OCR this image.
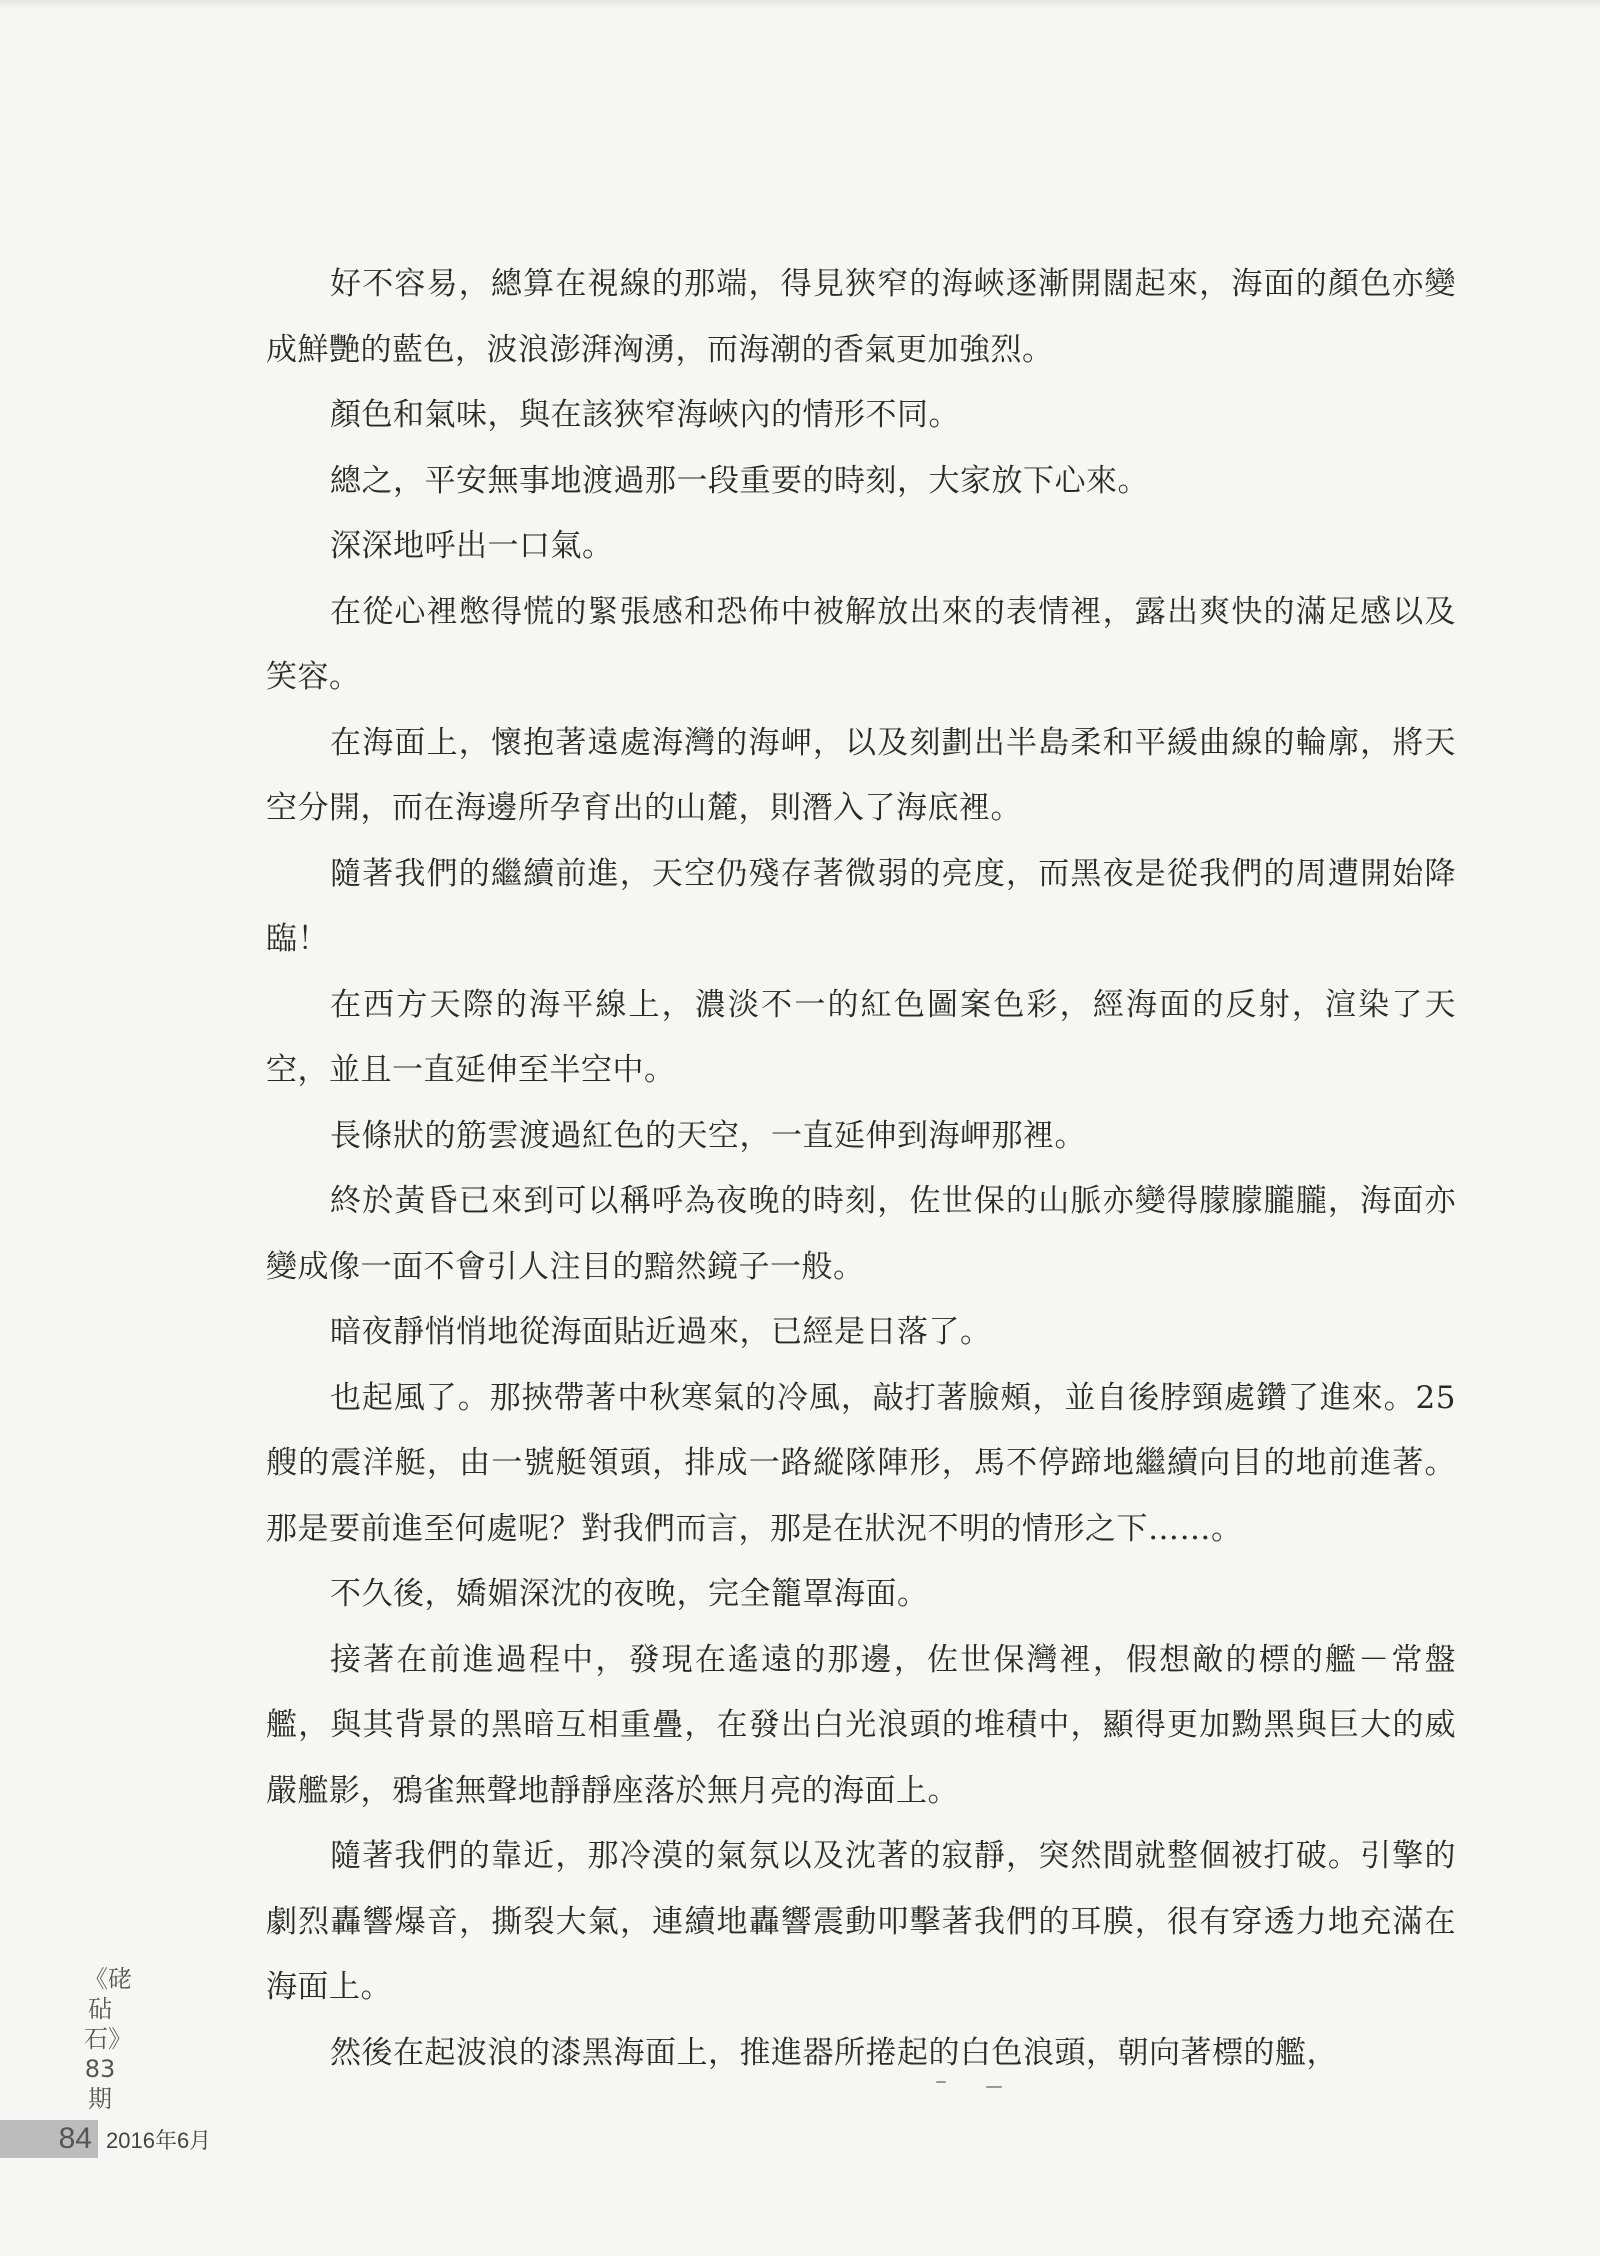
好不容易，總算在視線的那端，得見狹窄的海峽逐漸開闊起來，海面的顏色亦變成鮮艷的藍色，波浪澎湃洶湧，而海潮的香氣更加強烈。

顏色和氣味，與在該狹窄海峽內的情形不同。

總之，平安無事地渡過那一段重要的時刻，大家放下心來。

深深地呼出一口氣。

在從心裡憋得慌的緊張感和恐佈中被解放出來的表情裡，露出爽快的滿足感以及笑容。

在海面上，懷抱著遠處海灣的海岬，以及刻劃出半島柔和平緩曲線的輪廓，將天空分開，而在海邊所孕育出的山麓，則潛入了海底裡。

隨著我們的繼續前進，天空仍殘存著微弱的亮度，而黑夜是從我們的周遭開始降臨！

在西方天際的海平線上，濃淡不一的紅色圖案色彩，經海面的反射，渲染了天空，並且一直延伸至半空中。

長條狀的筋雲渡過紅色的天空，一直延伸到海岬那裡。

終於黃昏已來到可以稱呼為夜晚的時刻，佐世保的山脈亦變得朦朦朧朧，海面亦變成像一面不會引人注目的黯然鏡子一般。

暗夜靜悄悄地從海面貼近過來，已經是日落了。

也起風了。那挾帶著中秋寒氣的冷風，敲打著臉頰，並自後脖頸處鑽了進來。25艘的震洋艇，由一號艇領頭，排成一路縱隊陣形，馬不停蹄地繼續向目的地前進著。那是要前進至何處呢？對我們而言，那是在狀況不明的情形之下……。

不久後，嬌媚深沈的夜晚，完全籠罩海面。

接著在前進過程中，發現在遙遠的那邊，佐世保灣裡，假想敵的標的艦－常盤艦，與其背景的黑暗互相重疊，在發出白光浪頭的堆積中，顯得更加黝黑與巨大的威嚴艦影，鴉雀無聲地靜靜座落於無月亮的海面上。

隨著我們的靠近，那冷漠的氣氛以及沈著的寂靜，突然間就整個被打破。引擎的劇烈轟響爆音，撕裂大氣，連續地轟響震動叩擊著我們的耳膜，很有穿透力地充滿在海面上。

然後在起波浪的漆黑海面上，推進器所捲起的白色浪頭，朝向著標的艦，

《硓砧石》83期
84 2016年6月
